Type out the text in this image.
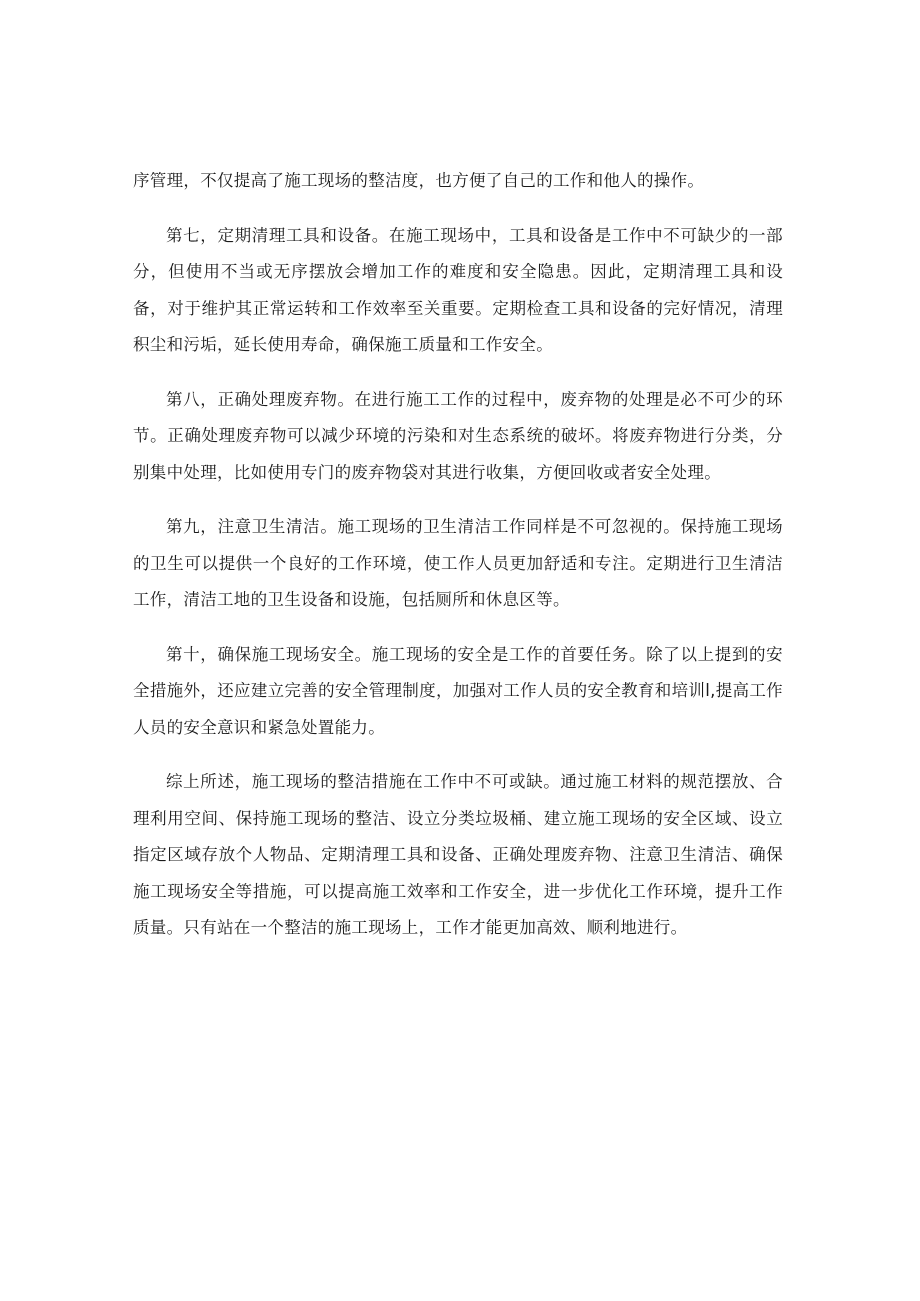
序管理，不仅提高了施工现场的整洁度，也方便了自己的工作和他人的操作。

第七，定期清理工具和设备。在施工现场中，工具和设备是工作中不可缺少的一部分，但使用不当或无序摆放会增加工作的难度和安全隐患。因此，定期清理工具和设备，对于维护其正常运转和工作效率至关重要。定期检查工具和设备的完好情况，清理积尘和污垢，延长使用寿命，确保施工质量和工作安全。

第八，正确处理废弃物。在进行施工工作的过程中，废弃物的处理是必不可少的环节。正确处理废弃物可以减少环境的污染和对生态系统的破坏。将废弃物进行分类，分别集中处理，比如使用专门的废弃物袋对其进行收集，方便回收或者安全处理。

第九，注意卫生清洁。施工现场的卫生清洁工作同样是不可忽视的。保持施工现场的卫生可以提供一个良好的工作环境，使工作人员更加舒适和专注。定期进行卫生清洁工作，清洁工地的卫生设备和设施，包括厕所和休息区等。

第十，确保施工现场安全。施工现场的安全是工作的首要任务。除了以上提到的安全措施外，还应建立完善的安全管理制度，加强对工作人员的安全教育和培训l,提高工作人员的安全意识和紧急处置能力。

综上所述，施工现场的整洁措施在工作中不可或缺。通过施工材料的规范摆放、合理利用空间、保持施工现场的整洁、设立分类垃圾桶、建立施工现场的安全区域、设立指定区域存放个人物品、定期清理工具和设备、正确处理废弃物、注意卫生清洁、确保施工现场安全等措施，可以提高施工效率和工作安全，进一步优化工作环境，提升工作质量。只有站在一个整洁的施工现场上，工作才能更加高效、顺利地进行。
